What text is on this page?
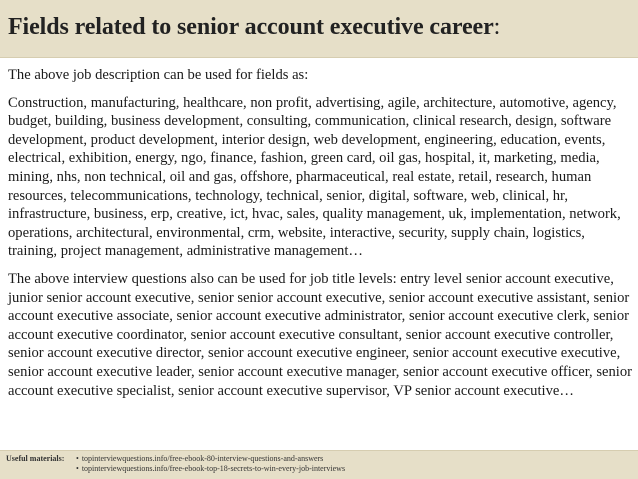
Fields related to senior account executive career:

The above job description can be used for fields as:

Construction, manufacturing, healthcare, non profit, advertising, agile, architecture, automotive, agency, budget, building, business development, consulting, communication, clinical research, design, software development, product development, interior design, web development, engineering, education, events, electrical, exhibition, energy, ngo, finance, fashion, green card, oil gas, hospital, it, marketing, media, mining, nhs, non technical, oil and gas, offshore, pharmaceutical, real estate, retail, research, human resources, telecommunications, technology, technical, senior, digital, software, web, clinical, hr, infrastructure, business, erp, creative, ict, hvac, sales, quality management, uk, implementation, network, operations, architectural, environmental, crm, website, interactive, security, supply chain, logistics, training, project management, administrative management…

The above interview questions also can be used for job title levels: entry level senior account executive, junior senior account executive, senior senior account executive, senior account executive assistant, senior account executive associate, senior account executive administrator, senior account executive clerk, senior account executive coordinator, senior account executive consultant, senior account executive controller, senior account executive director, senior account executive engineer, senior account executive executive, senior account executive leader, senior account executive manager, senior account executive officer, senior account executive specialist, senior account executive supervisor, VP senior account executive…

Useful materials: • topinterviewquestions.info/free-ebook-80-interview-questions-and-answers
• topinterviewquestions.info/free-ebook-top-18-secrets-to-win-every-job-interviews
